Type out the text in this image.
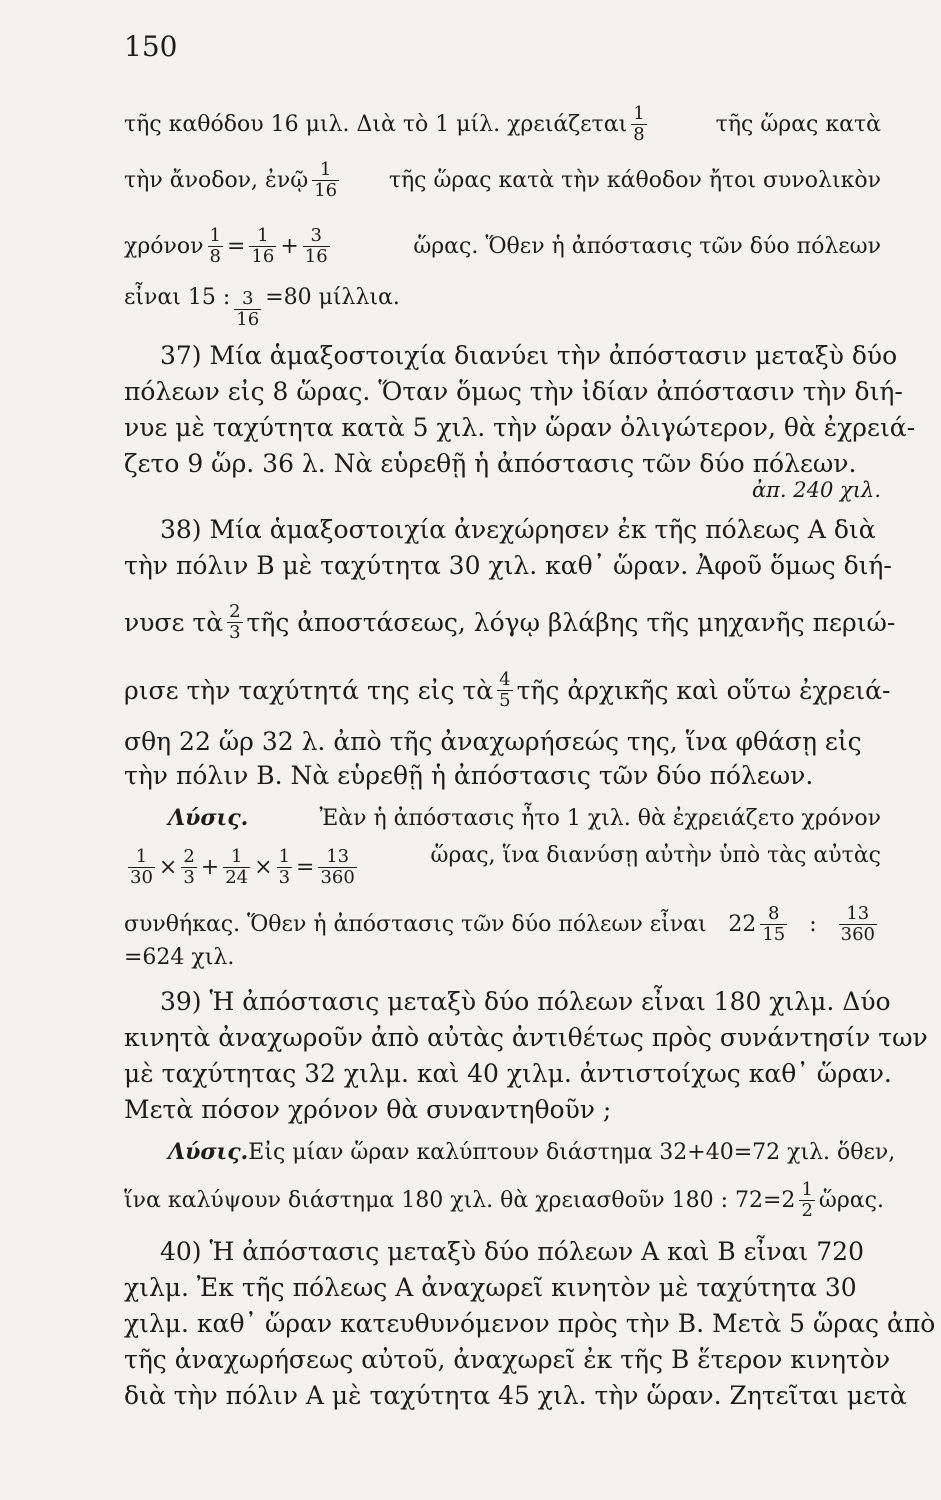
150
τῆς καθόδου 16 μιλ. Διὰ τὸ 1 μίλ. χρειάζεται $\frac{1}{8}$	τῆς ὥρας κατὰ
τὴν ἄνοδον, ἐνῷ $\frac{1}{16}$ τῆς ὥρας κατὰ τὴν κάθοδον ἤτοι συνολικὸν
χρόνον $\frac{1}{8} = \frac{1}{16} + \frac{3}{16}$	ὥρας. Ὅθεν ἡ ἀπόστασις τῶν δύο πόλεων
εἶναι 15 : $\frac{3}{16} =80$ μίλλια.
37) Μία ἁμαξοστοιχία διανύει τὴν ἀπόστασιν μεταξὺ δύο
πόλεων εἰς 8 ὥρας. Ὅταν ὅμως τὴν ἰδίαν ἀπόστασιν τὴν διή-
νυε μὲ ταχύτητα κατὰ 5 χιλ. τὴν ὥραν ὀλιγώτερον, θὰ ἐχρειά-
ζετο 9 ὥρ. 36 λ. Νὰ εὑρεθῇ ἡ ἀπόστασις τῶν δύο πόλεων.
ἀπ. 240 χιλ.
38) Μία ἁμαξοστοιχία ἀνεχώρησεν ἐκ τῆς πόλεως Α διὰ
τὴν πόλιν Β μὲ ταχύτητα 30 χιλ. καθ᾽ ὥραν. Ἀφοῦ ὅμως διή-
νυσε τὰ $\frac{2}{3}$ τῆς ἀποστάσεως, λόγῳ βλάβης τῆς μηχανῆς περιώ-
ρισε τὴν ταχύτητά της εἰς τὰ $\frac{4}{5}$ τῆς ἀρχικῆς καὶ οὕτω ἐχρειά-
σθη 22 ὥρ 32 λ. ἀπὸ τῆς ἀναχωρήσεώς της, ἵνα φθάσῃ εἰς
τὴν πόλιν Β. Νὰ εὑρεθῇ ἡ ἀπόστασις τῶν δύο πόλεων.
Λύσις.	Ἐὰν ἡ ἀπόστασις ἦτο 1 χιλ. θὰ ἐχρειάζετο χρόνον
$\frac{1}{30} \times \frac{2}{3} + \frac{1}{24} \times \frac{1}{3} = \frac{13}{360}$	ὥρας, ἵνα διανύσῃ αὐτὴν ὑπὸ τὰς αὐτὰς
συνθήκας. Ὅθεν ἡ ἀπόστασις τῶν δύο πόλεων εἶναι $22 \frac{8}{15}$ : $\frac{13}{360}$
=624 χιλ.
39) Ἡ ἀπόστασις μεταξὺ δύο πόλεων εἶναι 180 χιλμ. Δύο
κινητὰ ἀναχωροῦν ἀπὸ αὐτὰς ἀντιθέτως πρὸς συνάντησίν των
μὲ ταχύτητας 32 χιλμ. καὶ 40 χιλμ. ἀντιστοίχως καθ᾽ ὥραν.
Μετὰ πόσον χρόνον θὰ συναντηθοῦν ;
Λύσις. Εἰς μίαν ὥραν καλύπτουν διάστημα 32+40=72 χιλ. ὅθεν,
ἵνα καλύψουν διάστημα 180 χιλ. θὰ χρειασθοῦν 180 : $72=2 \frac{1}{2}$ ὥρας.
40) Ἡ ἀπόστασις μεταξὺ δύο πόλεων Α καὶ Β εἶναι 720
χιλμ. Ἐκ τῆς πόλεως Α ἀναχωρεῖ κινητὸν μὲ ταχύτητα 30
χιλμ. καθ᾽ ὥραν κατευθυνόμενον πρὸς τὴν Β. Μετὰ 5 ὥρας ἀπὸ
τῆς ἀναχωρήσεως αὐτοῦ, ἀναχωρεῖ ἐκ τῆς Β ἕτερον κινητὸν
διὰ τὴν πόλιν Α μὲ ταχύτητα 45 χιλ. τὴν ὥραν. Ζητεῖται μετὰ
